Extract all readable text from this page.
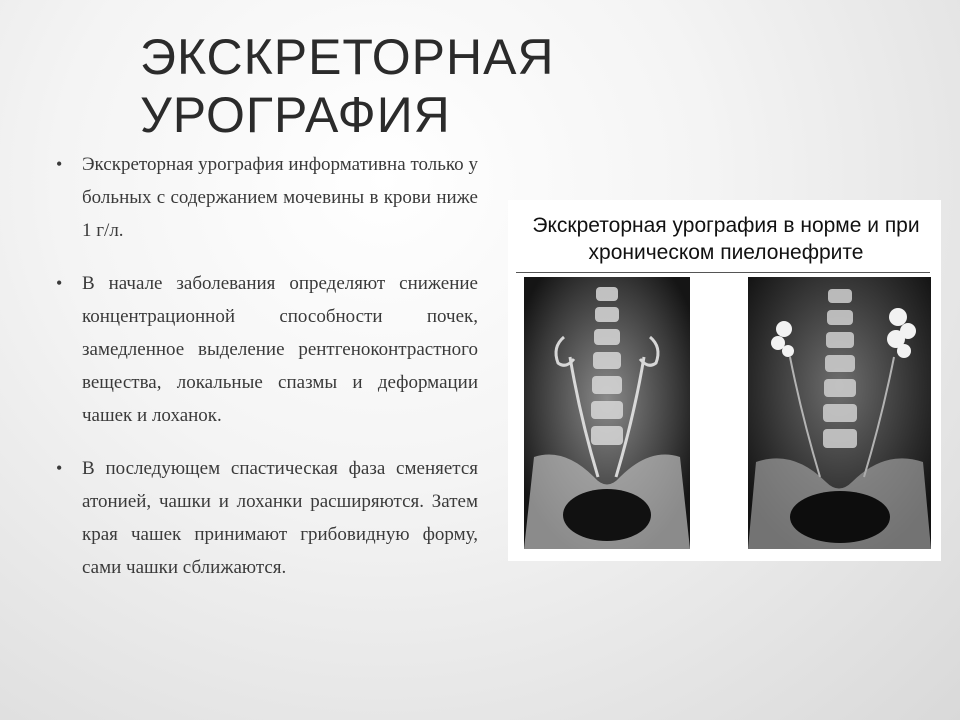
ЭКСКРЕТОРНАЯ УРОГРАФИЯ
• Экскреторная урография информативна только у больных с содержанием мочевины в крови ниже 1 г/л.
• В начале заболевания определяют снижение концентрационной способности почек, замедленное выделение рентгеноконтрастного вещества, локальные спазмы и деформации чашек и лоханок.
• В последующем спастическая фаза сменяется атонией, чашки и лоханки расширяются. Затем края чашек принимают грибовидную форму, сами чашки сближаются.
Экскреторная урография в норме и при
хроническом пиелонефрите
